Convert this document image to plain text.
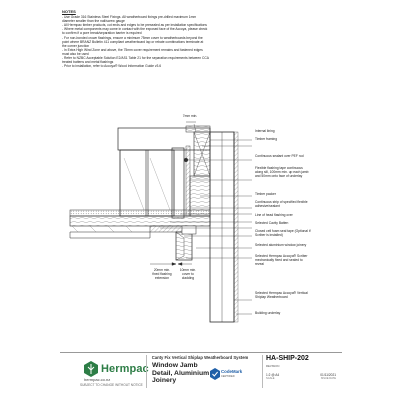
NOTES
- Use Grade 316 Stainless Steel Fixings. All weatherboard fixings pre-drilled maximum 1mm
diameter smaller than the nail/screw gauge
- All Hermpac timber products, cut ends and edges to be presealed as per installation specifications
- Where metal components may come in contact with the exposed face of the Accoya, please check
to confirm if a pore break/separation barrier is required
- For non-bonded crown flashings, ensure a minimum 75mm cover to weatherboards beyond the
point where BRANZ Bulletin 411 compliant weatherboard lap or rebate combinations terminate at
the corner junction
- In Extra High Wind Zone and above, the 75mm cover requirement remains and fastened edges
must also be used
- Refer to NZBC Acceptable Solution E2/AS1 Table 21 for the separation requirements between CCA
treated battens and metal flashings
- Prior to installation, refer to Accoya® Wood Information Guide v3.6
Internal lining
Timber framing
7mm min.
Continuous sealant over PEF rod
Flexible flashing tape continuous along sill, 100mm min. up each jamb and 50mm onto face of underlay
Timber packer
Continuous strip of specified flexible adhesive/sealant
Line of head flashing over
Selected Cavity Batten
Closed cell foam seal tape (Optional if Scriber is installed)
Selected aluminium window joinery
Selected Hermpac Accoya® Scriber mechanically fixed and sealed to reveal
Selected Hermpac Accoya® Vertical Shiplap Weatherboard
Building underlay
20mm min. fixed flashing extension
10mm min. cover to cladding
Hermpac
hermpac.co.nz
SUBJECT TO CHANGE WITHOUT NOTICE
Canty Fix Vertical Shiplap Weatherboard System
Window Jamb
Detail, Aluminium
Joinery
CodeMark
CERTIFIED
HA-SHIP-202
REVISION
1:2 @ A4	01/11/2021
SCALE	ISSUE DATE
